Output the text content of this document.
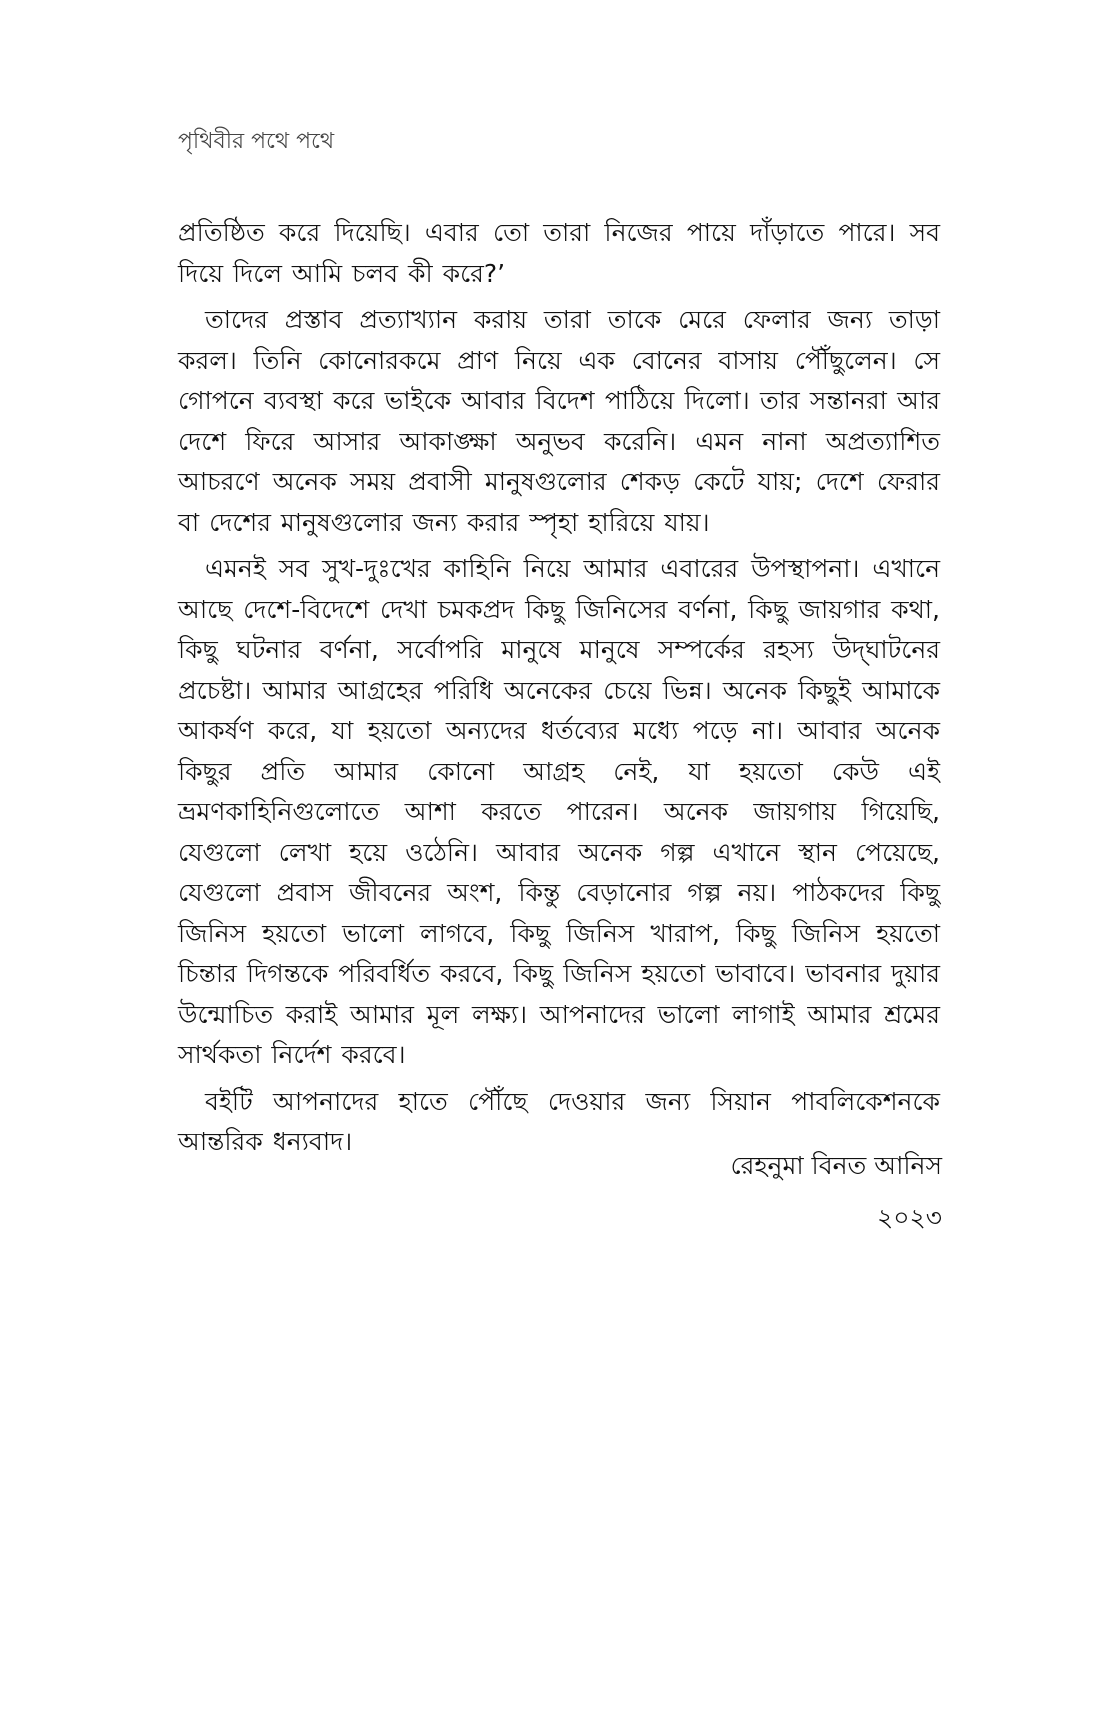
পৃথিবীর পথে পথে

প্রতিষ্ঠিত করে দিয়েছি। এবার তো তারা নিজের পায়ে দাঁড়াতে পারে। সব দিয়ে দিলে আমি চলব কী করে?’

তাদের প্রস্তাব প্রত্যাখ্যান করায় তারা তাকে মেরে ফেলার জন্য তাড়া করল। তিনি কোনোরকমে প্রাণ নিয়ে এক বোনের বাসায় পৌঁছুলেন। সে গোপনে ব্যবস্থা করে ভাইকে আবার বিদেশ পাঠিয়ে দিলো। তার সন্তানরা আর দেশে ফিরে আসার আকাঙ্ক্ষা অনুভব করেনি। এমন নানা অপ্রত্যাশিত আচরণে অনেক সময় প্রবাসী মানুষগুলোর শেকড় কেটে যায়; দেশে ফেরার বা দেশের মানুষগুলোর জন্য করার স্পৃহা হারিয়ে যায়।

এমনই সব সুখ-দুঃখের কাহিনি নিয়ে আমার এবারের উপস্থাপনা। এখানে আছে দেশে-বিদেশে দেখা চমকপ্রদ কিছু জিনিসের বর্ণনা, কিছু জায়গার কথা, কিছু ঘটনার বর্ণনা, সর্বোপরি মানুষে মানুষে সম্পর্কের রহস্য উদ্‌ঘাটনের প্রচেষ্টা। আমার আগ্রহের পরিধি অনেকের চেয়ে ভিন্ন। অনেক কিছুই আমাকে আকর্ষণ করে, যা হয়তো অন্যদের ধর্তব্যের মধ্যে পড়ে না। আবার অনেক কিছুর প্রতি আমার কোনো আগ্রহ নেই, যা হয়তো কেউ এই ভ্রমণকাহিনিগুলোতে আশা করতে পারেন। অনেক জায়গায় গিয়েছি, যেগুলো লেখা হয়ে ওঠেনি। আবার অনেক গল্প এখানে স্থান পেয়েছে, যেগুলো প্রবাস জীবনের অংশ, কিন্তু বেড়ানোর গল্প নয়। পাঠকদের কিছু জিনিস হয়তো ভালো লাগবে, কিছু জিনিস খারাপ, কিছু জিনিস হয়তো চিন্তার দিগন্তকে পরিবর্ধিত করবে, কিছু জিনিস হয়তো ভাবাবে। ভাবনার দুয়ার উন্মোচিত করাই আমার মূল লক্ষ্য। আপনাদের ভালো লাগাই আমার শ্রমের সার্থকতা নির্দেশ করবে।

বইটি আপনাদের হাতে পৌঁছে দেওয়ার জন্য সিয়ান পাবলিকেশনকে আন্তরিক ধন্যবাদ।

রেহনুমা বিনত আনিস
২০২৩
